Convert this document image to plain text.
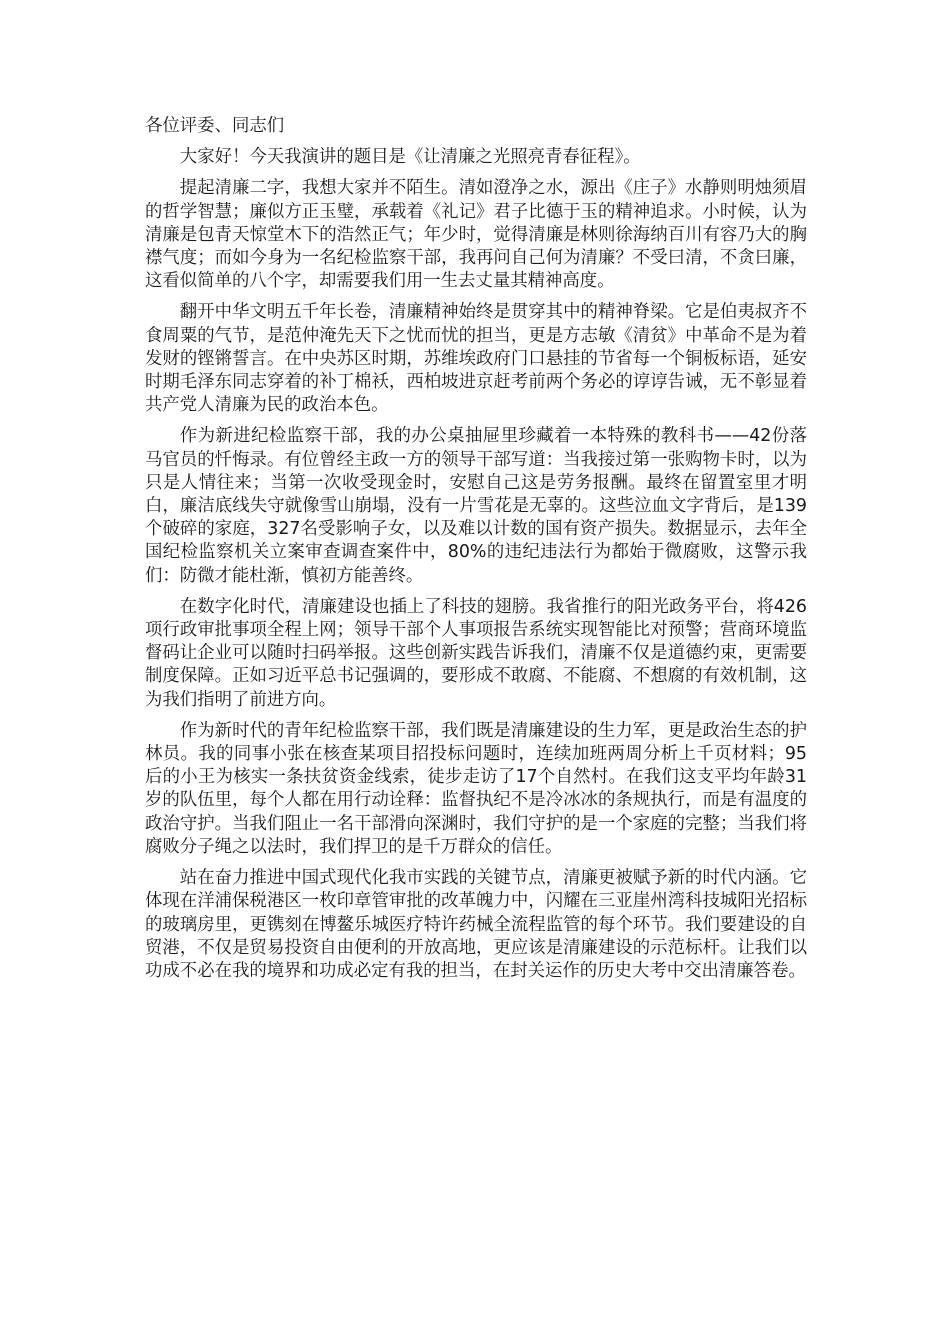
各位评委、同志们

大家好！今天我演讲的题目是《让清廉之光照亮青春征程》。

提起清廉二字，我想大家并不陌生。清如澄净之水，源出《庄子》水静则明烛须眉的哲学智慧；廉似方正玉璧，承载着《礼记》君子比德于玉的精神追求。小时候，认为清廉是包青天惊堂木下的浩然正气；年少时，觉得清廉是林则徐海纳百川有容乃大的胸襟气度；而如今身为一名纪检监察干部，我再问自己何为清廉？不受曰清，不贪曰廉，这看似简单的八个字，却需要我们用一生去丈量其精神高度。

翻开中华文明五千年长卷，清廉精神始终是贯穿其中的精神脊梁。它是伯夷叔齐不食周粟的气节，是范仲淹先天下之忧而忧的担当，更是方志敏《清贫》中革命不是为着发财的铿锵誓言。在中央苏区时期，苏维埃政府门口悬挂的节省每一个铜板标语，延安时期毛泽东同志穿着的补丁棉袄，西柏坡进京赶考前两个务必的谆谆告诫，无不彰显着共产党人清廉为民的政治本色。

作为新进纪检监察干部，我的办公桌抽屉里珍藏着一本特殊的教科书——42份落马官员的忏悔录。有位曾经主政一方的领导干部写道：当我接过第一张购物卡时，以为只是人情往来；当第一次收受现金时，安慰自己这是劳务报酬。最终在留置室里才明白，廉洁底线失守就像雪山崩塌，没有一片雪花是无辜的。这些泣血文字背后，是139个破碎的家庭，327名受影响子女，以及难以计数的国有资产损失。数据显示，去年全国纪检监察机关立案审查调查案件中，80%的违纪违法行为都始于微腐败，这警示我们：防微才能杜渐，慎初方能善终。

在数字化时代，清廉建设也插上了科技的翅膀。我省推行的阳光政务平台，将426项行政审批事项全程上网；领导干部个人事项报告系统实现智能比对预警；营商环境监督码让企业可以随时扫码举报。这些创新实践告诉我们，清廉不仅是道德约束，更需要制度保障。正如习近平总书记强调的，要形成不敢腐、不能腐、不想腐的有效机制，这为我们指明了前进方向。

作为新时代的青年纪检监察干部，我们既是清廉建设的生力军，更是政治生态的护林员。我的同事小张在核查某项目招投标问题时，连续加班两周分析上千页材料；95后的小王为核实一条扶贫资金线索，徒步走访了17个自然村。在我们这支平均年龄31岁的队伍里，每个人都在用行动诠释：监督执纪不是冷冰冰的条规执行，而是有温度的政治守护。当我们阻止一名干部滑向深渊时，我们守护的是一个家庭的完整；当我们将腐败分子绳之以法时，我们捍卫的是千万群众的信任。

站在奋力推进中国式现代化我市实践的关键节点，清廉更被赋予新的时代内涵。它体现在洋浦保税港区一枚印章管审批的改革魄力中，闪耀在三亚崖州湾科技城阳光招标的玻璃房里，更镌刻在博鳌乐城医疗特许药械全流程监管的每个环节。我们要建设的自贸港，不仅是贸易投资自由便利的开放高地，更应该是清廉建设的示范标杆。让我们以功成不必在我的境界和功成必定有我的担当，在封关运作的历史大考中交出清廉答卷。
